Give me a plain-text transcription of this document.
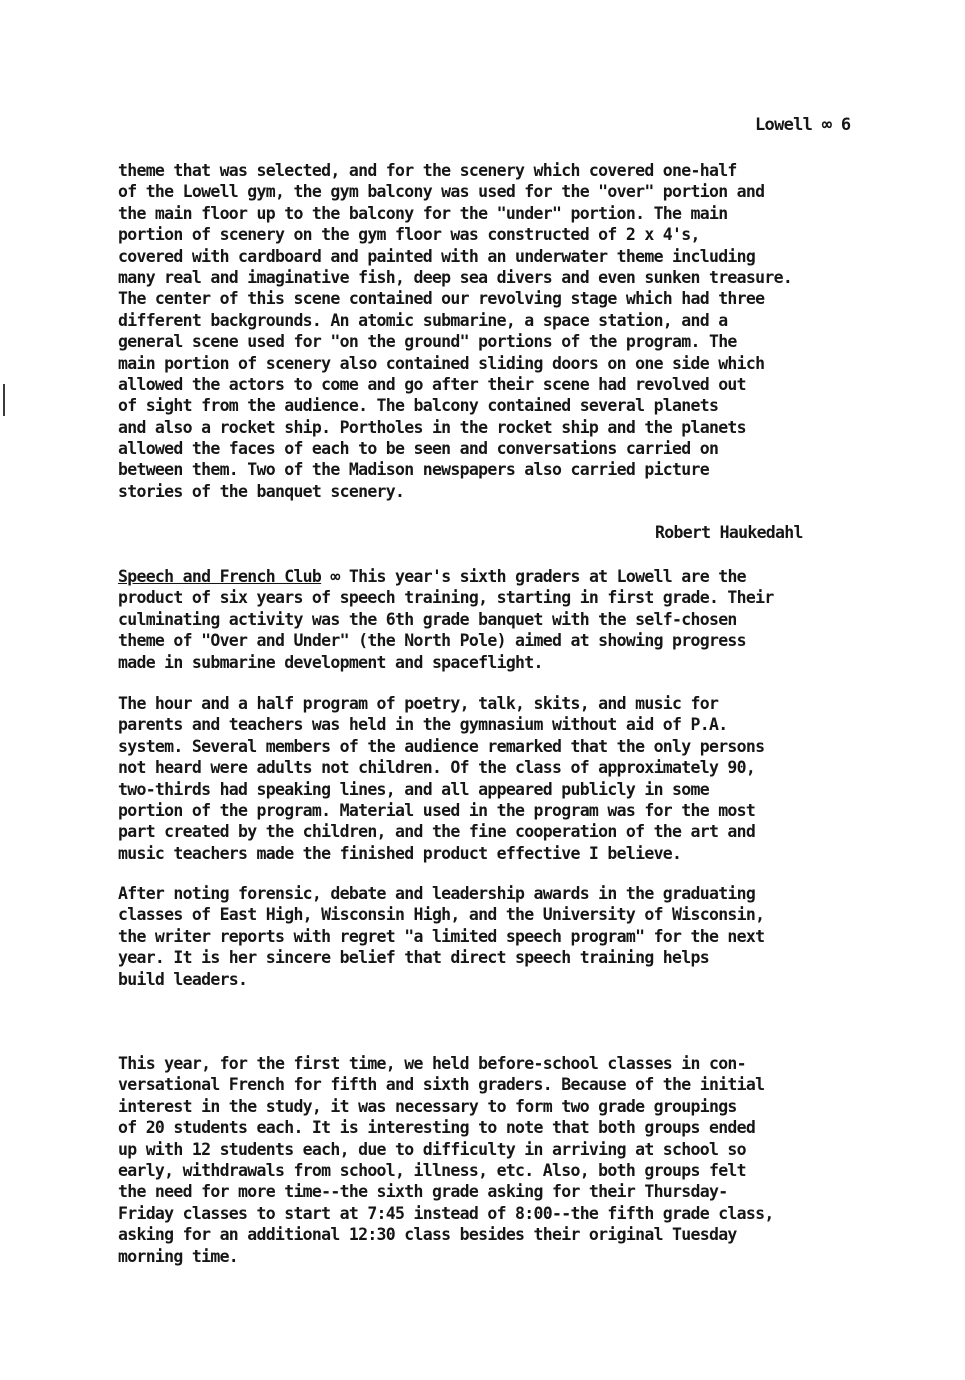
Lowell ∞ 6
theme that was selected, and for the scenery which covered one-half
of the Lowell gym, the gym balcony was used for the "over" portion and
the main floor up to the balcony for the "under" portion. The main
portion of scenery on the gym floor was constructed of 2 x 4's,
covered with cardboard and painted with an underwater theme including
many real and imaginative fish, deep sea divers and even sunken treasure.
The center of this scene contained our revolving stage which had three
different backgrounds. An atomic submarine, a space station, and a
general scene used for "on the ground" portions of the program. The
main portion of scenery also contained sliding doors on one side which
allowed the actors to come and go after their scene had revolved out
of sight from the audience. The balcony contained several planets
and also a rocket ship. Portholes in the rocket ship and the planets
allowed the faces of each to be seen and conversations carried on
between them. Two of the Madison newspapers also carried picture
stories of the banquet scenery.
Robert Haukedahl
Speech and French Club ∞ This year's sixth graders at Lowell are the
product of six years of speech training, starting in first grade. Their
culminating activity was the 6th grade banquet with the self-chosen
theme of "Over and Under" (the North Pole) aimed at showing progress
made in submarine development and spaceflight.
The hour and a half program of poetry, talk, skits, and music for
parents and teachers was held in the gymnasium without aid of P.A.
system. Several members of the audience remarked that the only persons
not heard were adults not children. Of the class of approximately 90,
two-thirds had speaking lines, and all appeared publicly in some
portion of the program. Material used in the program was for the most
part created by the children, and the fine cooperation of the art and
music teachers made the finished product effective I believe.
After noting forensic, debate and leadership awards in the graduating
classes of East High, Wisconsin High, and the University of Wisconsin,
the writer reports with regret "a limited speech program" for the next
year. It is her sincere belief that direct speech training helps
build leaders.
This year, for the first time, we held before-school classes in con-
versational French for fifth and sixth graders. Because of the initial
interest in the study, it was necessary to form two grade groupings
of 20 students each. It is interesting to note that both groups ended
up with 12 students each, due to difficulty in arriving at school so
early, withdrawals from school, illness, etc. Also, both groups felt
the need for more time--the sixth grade asking for their Thursday-
Friday classes to start at 7:45 instead of 8:00--the fifth grade class,
asking for an additional 12:30 class besides their original Tuesday
morning time.
